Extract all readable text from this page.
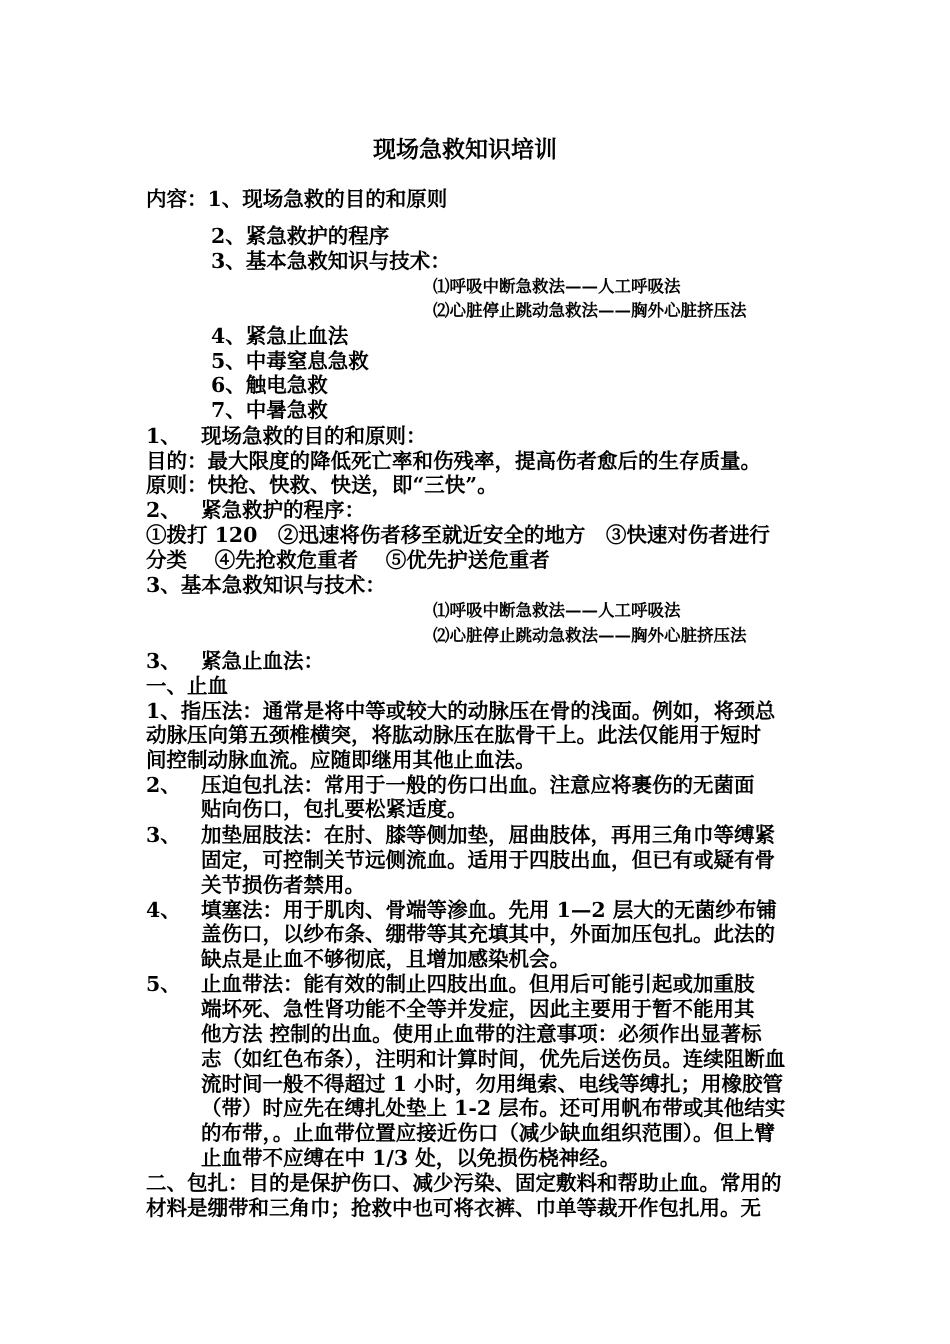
现场急救知识培训
内容：1、现场急救的目的和原则
2、紧急救护的程序
3、基本急救知识与技术：
⑴呼吸中断急救法——人工呼吸法
⑵心脏停止跳动急救法——胸外心脏挤压法
4、紧急止血法
5、中毒窒息急救
6、触电急救
7、中暑急救
1、 现场急救的目的和原则：
目的：最大限度的降低死亡率和伤残率，提高伤者愈后的生存质量。
原则：快抢、快救、快送，即“三快”。
2、 紧急救护的程序：
①拨打 120　②迅速将伤者移至就近安全的地方　③快速对伤者进行
分类　 ④先抢救危重者　 ⑤优先护送危重者
3、基本急救知识与技术：
⑴呼吸中断急救法——人工呼吸法
⑵心脏停止跳动急救法——胸外心脏挤压法
3、 紧急止血法：
一、止血
1、指压法：通常是将中等或较大的动脉压在骨的浅面。例如，将颈总
动脉压向第五颈椎横突，将肱动脉压在肱骨干上。此法仅能用于短时
间控制动脉血流。应随即继用其他止血法。
2、 压迫包扎法：常用于一般的伤口出血。注意应将裹伤的无菌面
贴向伤口，包扎要松紧适度。
3、 加垫屈肢法：在肘、膝等侧加垫，屈曲肢体，再用三角巾等缚紧
固定，可控制关节远侧流血。适用于四肢出血，但已有或疑有骨
关节损伤者禁用。
4、 填塞法：用于肌肉、骨端等渗血。先用 1—2 层大的无菌纱布铺
盖伤口，以纱布条、绷带等其充填其中，外面加压包扎。此法的
缺点是止血不够彻底，且增加感染机会。
5、 止血带法：能有效的制止四肢出血。但用后可能引起或加重肢
端坏死、急性肾功能不全等并发症，因此主要用于暂不能用其
他方法 控制的出血。使用止血带的注意事项：必须作出显著标
志（如红色布条），注明和计算时间，优先后送伤员。连续阻断血
流时间一般不得超过 1 小时，勿用绳索、电线等缚扎；用橡胶管
（带）时应先在缚扎处垫上 1-2 层布。还可用帆布带或其他结实
的布带，。止血带位置应接近伤口（减少缺血组织范围）。但上臂
止血带不应缚在中 1/3 处，以免损伤桡神经。
二、包扎：目的是保护伤口、减少污染、固定敷料和帮助止血。常用的
材料是绷带和三角巾；抢救中也可将衣裤、巾单等裁开作包扎用。无
